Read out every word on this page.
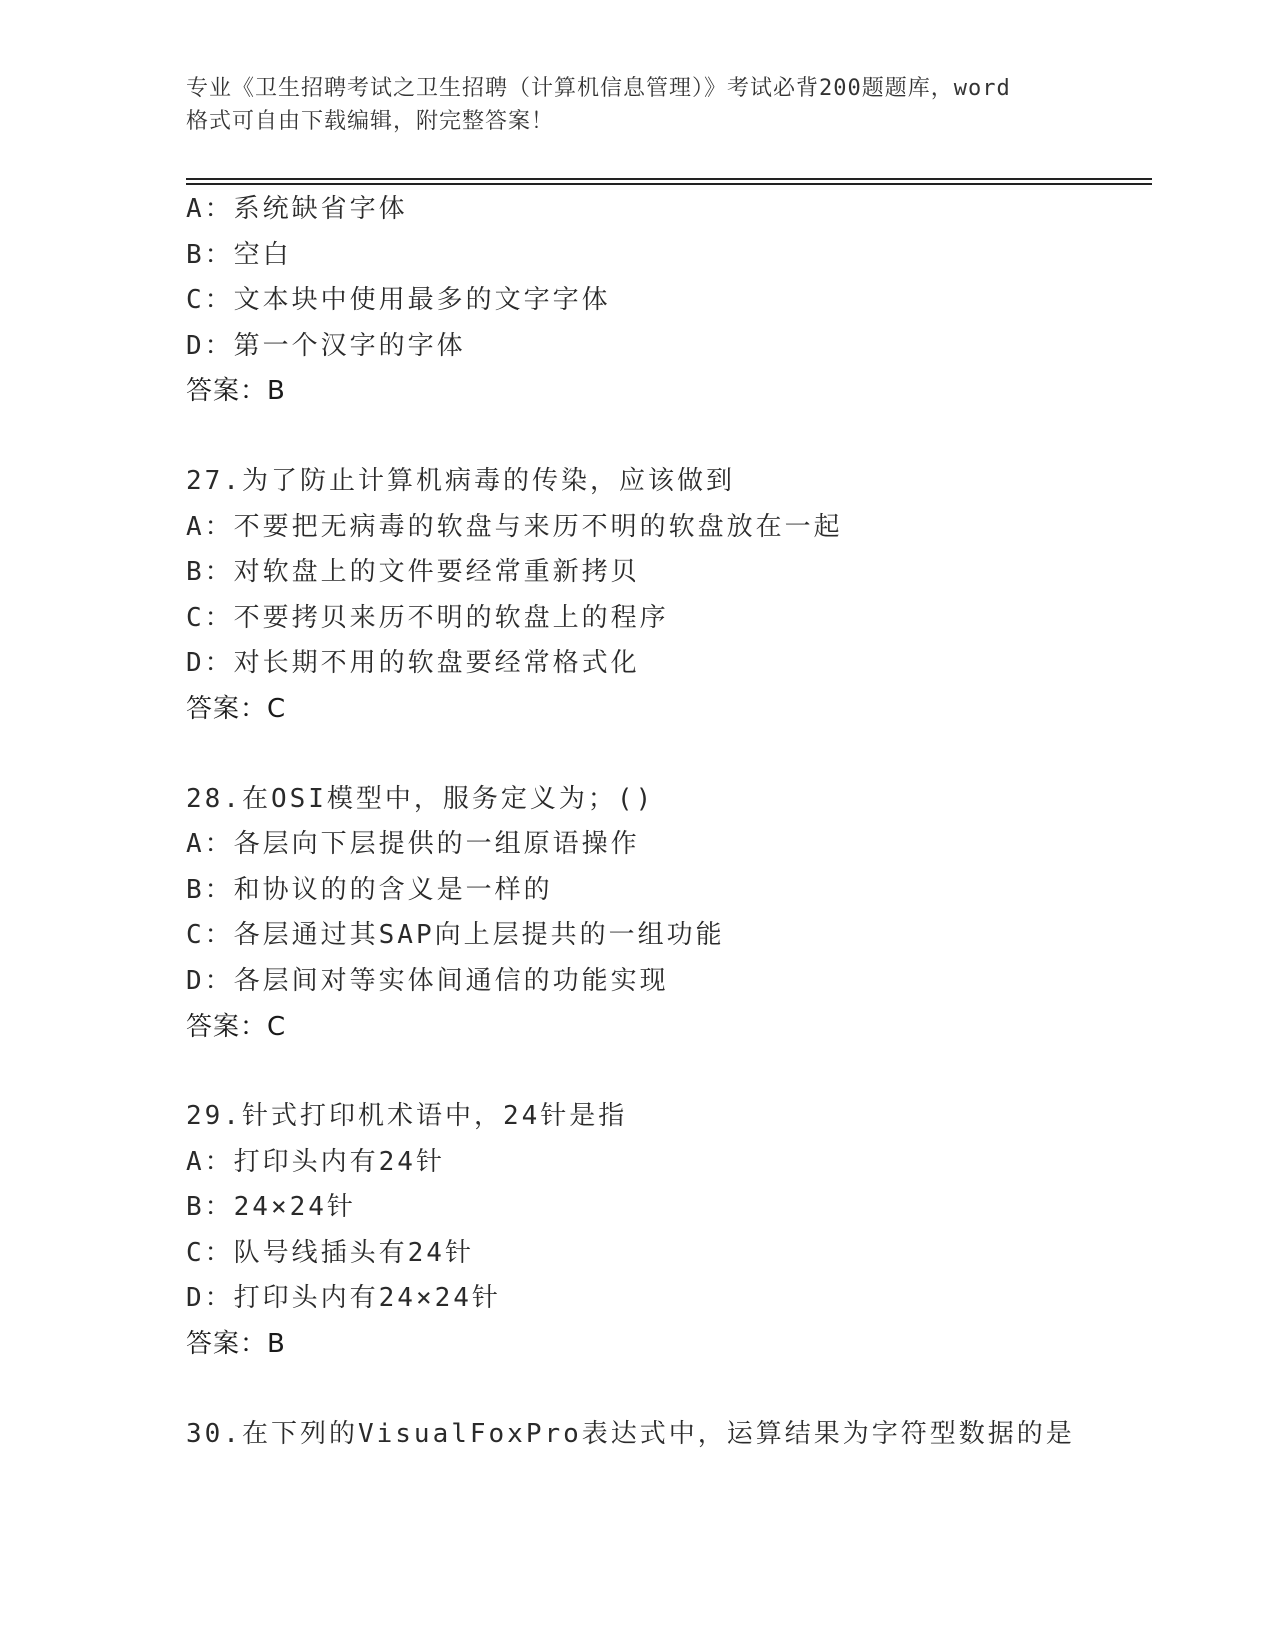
专业《卫生招聘考试之卫生招聘（计算机信息管理）》考试必背200题题库，word
格式可自由下载编辑，附完整答案！
A：系统缺省字体
B：空白
C：文本块中使用最多的文字字体
D：第一个汉字的字体
答案：B
27.为了防止计算机病毒的传染，应该做到
A：不要把无病毒的软盘与来历不明的软盘放在一起
B：对软盘上的文件要经常重新拷贝
C：不要拷贝来历不明的软盘上的程序
D：对长期不用的软盘要经常格式化
答案：C
28.在OSI模型中，服务定义为；()
A：各层向下层提供的一组原语操作
B：和协议的的含义是一样的
C：各层通过其SAP向上层提共的一组功能
D：各层间对等实体间通信的功能实现
答案：C
29.针式打印机术语中，24针是指
A：打印头内有24针
B：24×24针
C：队号线插头有24针
D：打印头内有24×24针
答案：B
30.在下列的VisualFoxPro表达式中，运算结果为字符型数据的是
